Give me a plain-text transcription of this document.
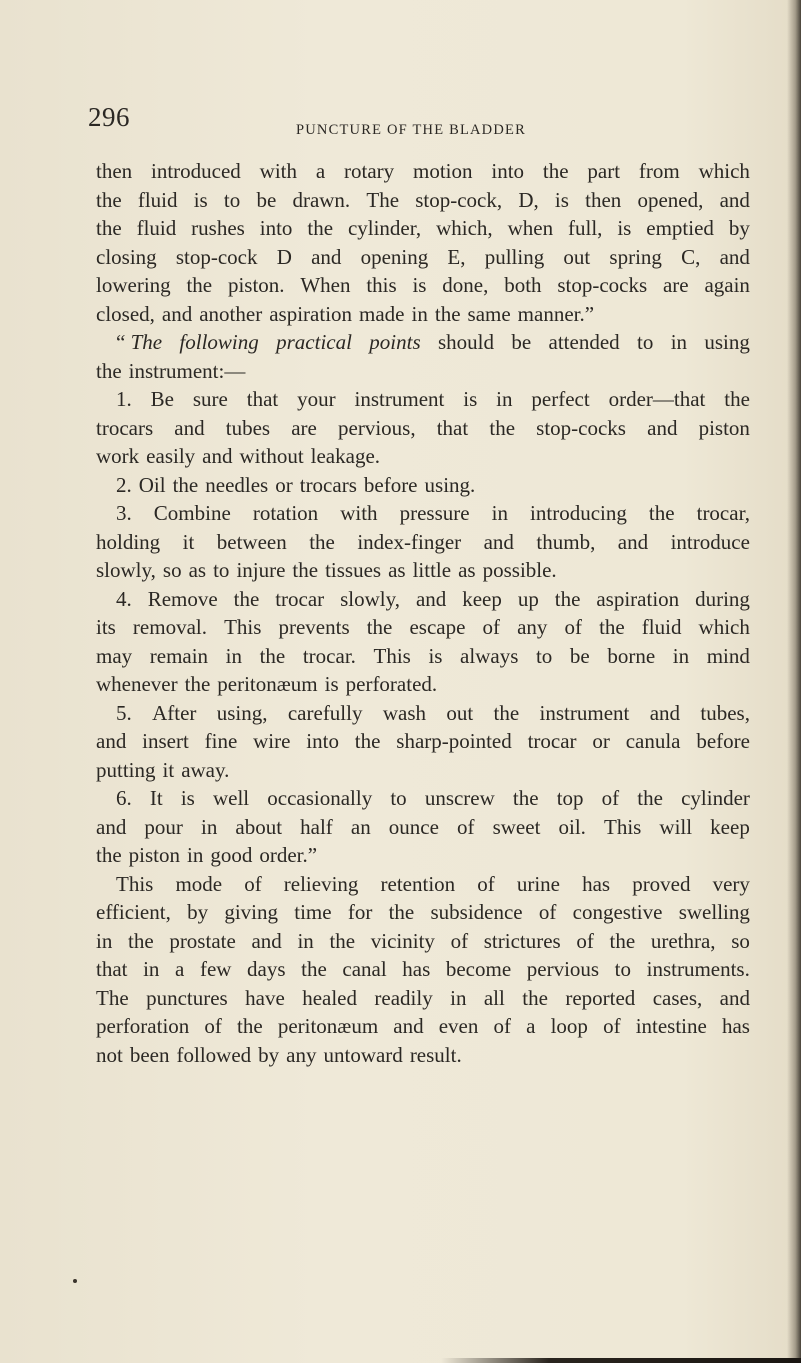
296	PUNCTURE OF THE BLADDER
then introduced with a rotary motion into the part from which
the fluid is to be drawn. The stop-cock, D, is then opened, and
the fluid rushes into the cylinder, which, when full, is emptied by
closing stop-cock D and opening E, pulling out spring C, and
lowering the piston. When this is done, both stop-cocks are again
closed, and another aspiration made in the same manner.”
“ The following practical points should be attended to in using
the instrument:—
1. Be sure that your instrument is in perfect order—that the
trocars and tubes are pervious, that the stop-cocks and piston
work easily and without leakage.
2. Oil the needles or trocars before using.
3. Combine rotation with pressure in introducing the trocar,
holding it between the index-finger and thumb, and introduce
slowly, so as to injure the tissues as little as possible.
4. Remove the trocar slowly, and keep up the aspiration during
its removal. This prevents the escape of any of the fluid which
may remain in the trocar. This is always to be borne in mind
whenever the peritonæum is perforated.
5. After using, carefully wash out the instrument and tubes,
and insert fine wire into the sharp-pointed trocar or canula before
putting it away.
6. It is well occasionally to unscrew the top of the cylinder
and pour in about half an ounce of sweet oil. This will keep
the piston in good order.”
This mode of relieving retention of urine has proved very
efficient, by giving time for the subsidence of congestive swelling
in the prostate and in the vicinity of strictures of the urethra, so
that in a few days the canal has become pervious to instruments.
The punctures have healed readily in all the reported cases, and
perforation of the peritonæum and even of a loop of intestine has
not been followed by any untoward result.
